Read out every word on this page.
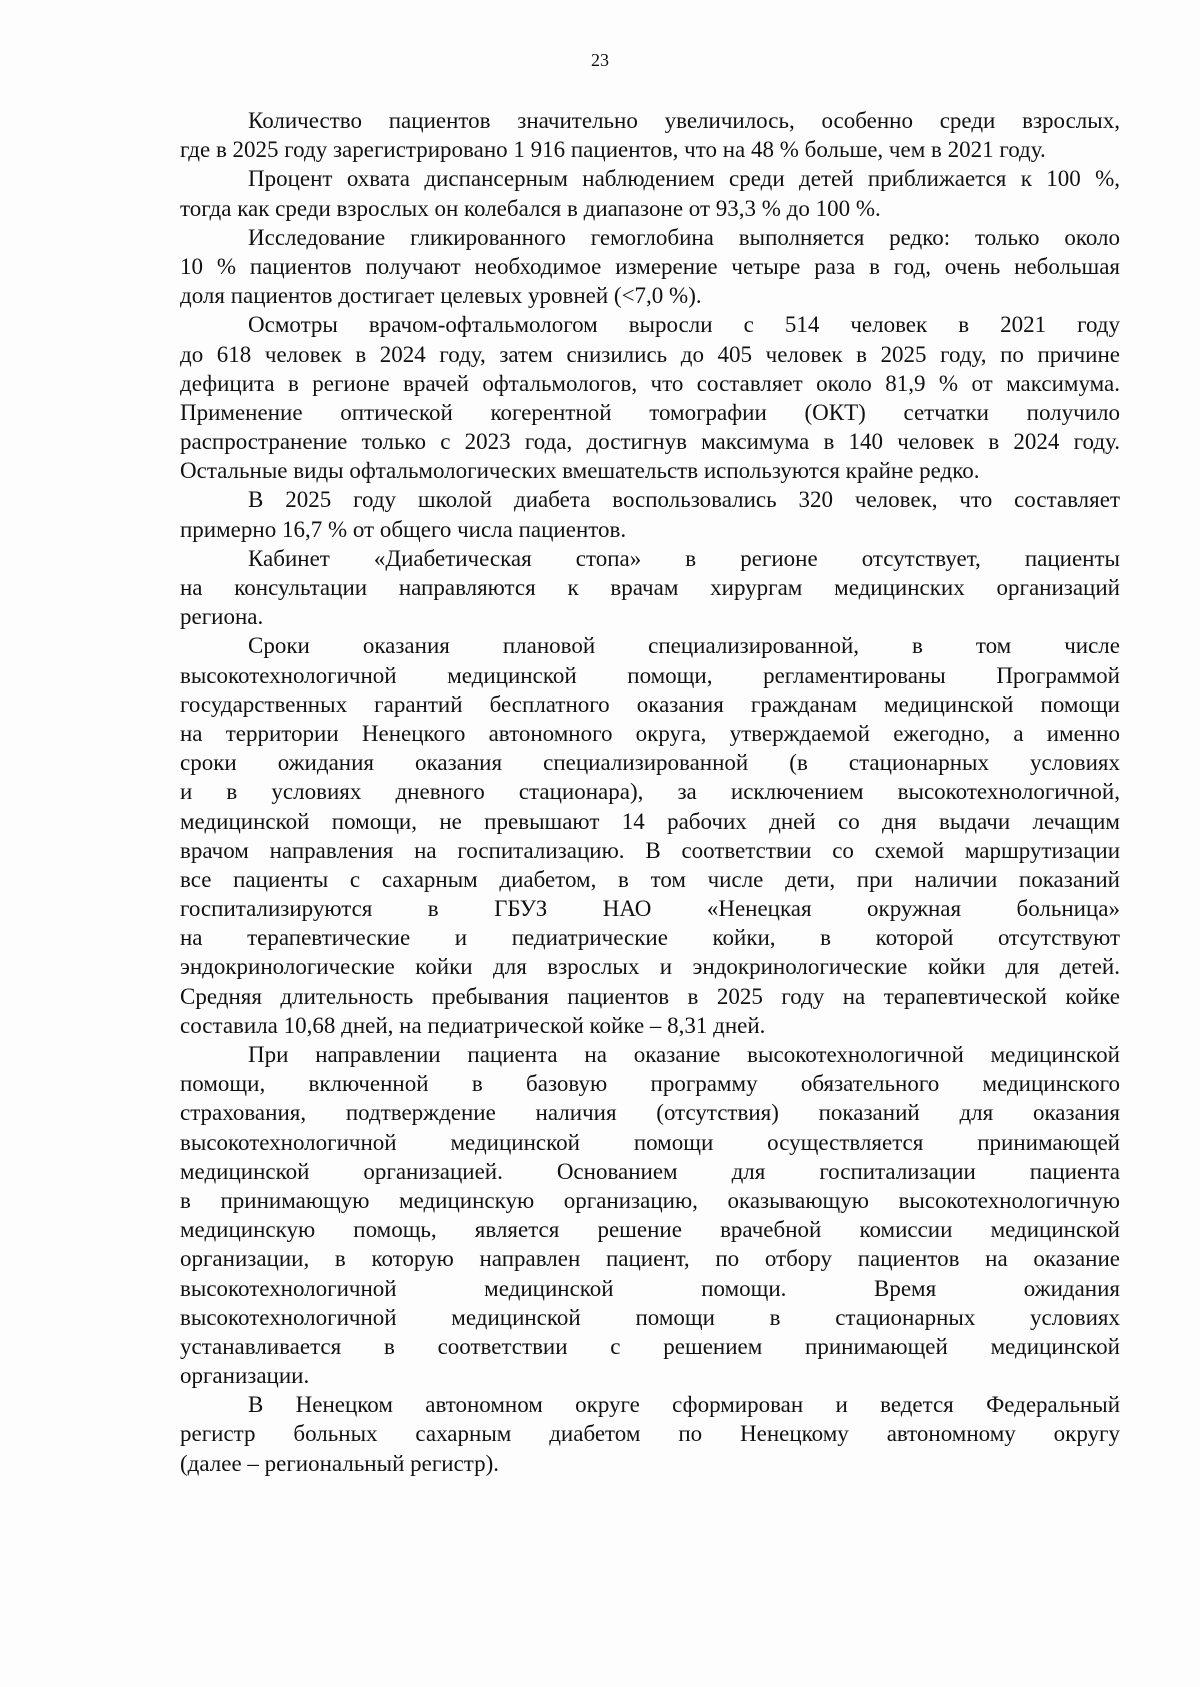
23
Количество пациентов значительно увеличилось, особенно среди взрослых,
где в 2025 году зарегистрировано 1 916 пациентов, что на 48 % больше, чем в 2021 году.
Процент охвата диспансерным наблюдением среди детей приближается к 100 %,
тогда как среди взрослых он колебался в диапазоне от 93,3 % до 100 %.
Исследование гликированного гемоглобина выполняется редко: только около
10 % пациентов получают необходимое измерение четыре раза в год, очень небольшая
доля пациентов достигает целевых уровней (<7,0 %).
Осмотры врачом-офтальмологом выросли с 514 человек в 2021 году
до 618 человек в 2024 году, затем снизились до 405 человек в 2025 году, по причине
дефицита в регионе врачей офтальмологов, что составляет около 81,9 % от максимума.
Применение оптической когерентной томографии (ОКТ) сетчатки получило
распространение только с 2023 года, достигнув максимума в 140 человек в 2024 году.
Остальные виды офтальмологических вмешательств используются крайне редко.
В 2025 году школой диабета воспользовались 320 человек, что составляет
примерно 16,7 % от общего числа пациентов.
Кабинет «Диабетическая стопа» в регионе отсутствует, пациенты
на консультации направляются к врачам хирургам медицинских организаций
региона.
Сроки оказания плановой специализированной, в том числе
высокотехнологичной медицинской помощи, регламентированы Программой
государственных гарантий бесплатного оказания гражданам медицинской помощи
на территории Ненецкого автономного округа, утверждаемой ежегодно, а именно
сроки ожидания оказания специализированной (в стационарных условиях
и в условиях дневного стационара), за исключением высокотехнологичной,
медицинской помощи, не превышают 14 рабочих дней со дня выдачи лечащим
врачом направления на госпитализацию. В соответствии со схемой маршрутизации
все пациенты с сахарным диабетом, в том числе дети, при наличии показаний
госпитализируются в ГБУЗ НАО «Ненецкая окружная больница»
на терапевтические и педиатрические койки, в которой отсутствуют
эндокринологические койки для взрослых и эндокринологические койки для детей.
Средняя длительность пребывания пациентов в 2025 году на терапевтической койке
составила 10,68 дней, на педиатрической койке – 8,31 дней.
При направлении пациента на оказание высокотехнологичной медицинской
помощи, включенной в базовую программу обязательного медицинского
страхования, подтверждение наличия (отсутствия) показаний для оказания
высокотехнологичной медицинской помощи осуществляется принимающей
медицинской организацией. Основанием для госпитализации пациента
в принимающую медицинскую организацию, оказывающую высокотехнологичную
медицинскую помощь, является решение врачебной комиссии медицинской
организации, в которую направлен пациент, по отбору пациентов на оказание
высокотехнологичной медицинской помощи. Время ожидания
высокотехнологичной медицинской помощи в стационарных условиях
устанавливается в соответствии с решением принимающей медицинской
организации.
В Ненецком автономном округе сформирован и ведется Федеральный
регистр больных сахарным диабетом по Ненецкому автономному округу
(далее – региональный регистр).
